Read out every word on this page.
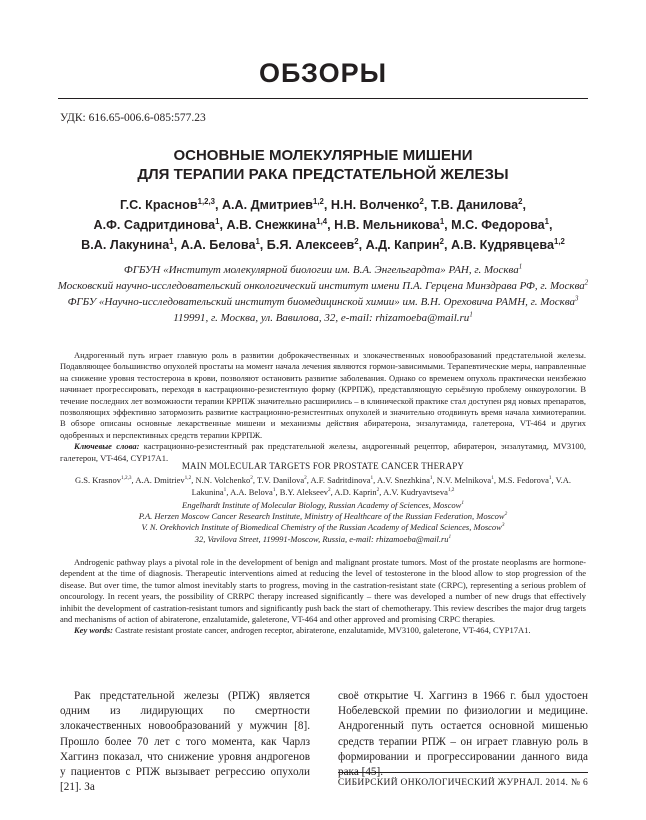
ОБЗОРЫ
УДК: 616.65-006.6-085:577.23
ОСНОВНЫЕ МОЛЕКУЛЯРНЫЕ МИШЕНИ
ДЛЯ ТЕРАПИИ РАКА ПРЕДСТАТЕЛЬНОЙ ЖЕЛЕЗЫ
Г.С. Краснов$^{1,2,3}$, А.А. Дмитриев$^{1,2}$, Н.Н. Волченко$^2$, Т.В. Данилова$^2$,
А.Ф. Садритдинова$^1$, А.В. Снежкина$^{1,4}$, Н.В. Мельникова$^1$, М.С. Федорова$^1$,
В.А. Лакунина$^1$, А.А. Белова$^1$, Б.Я. Алексеев$^2$, А.Д. Каприн$^2$, А.В. Кудрявцева$^{1,2}$
ФГБУН «Институт молекулярной биологии им. В.А. Энгельгардта» РАН, г. Москва$^1$
Московский научно-исследовательский онкологический институт имени П.А. Герцена Минздрава РФ, г. Москва$^2$
ФГБУ «Научно-исследовательский институт биомедицинской химии» им. В.Н. Ореховича РАМН, г. Москва$^3$
119991, г. Москва, ул. Вавилова, 32, e-mail: $rhizamoeba@mail.ru^1$

Андрогенный путь играет главную роль в развитии доброкачественных и злокачественных новообразований предстательной железы. Подавляющее большинство опухолей простаты на момент начала лечения являются гормон-зависимыми. Терапевтические меры, направленные на снижение уровня тестостерона в крови, позволяют остановить развитие заболевания. Однако со временем опухоль практически неизбежно начинает прогрессировать, переходя в кастрационно-резистентную форму (КРРПЖ), представляющую серьёзную проблему онкоурологии. В течение последних лет возможности терапии КРРПЖ значительно расширились – в клинической практике стал доступен ряд новых препаратов, позволяющих эффективно затормозить развитие кастрационно-резистентных опухолей и значительно отодвинуть время начала химиотерапии. В обзоре описаны основные лекарственные мишени и механизмы действия абиратерона, энзалутамида, галетерона, VT-464 и других одобренных и перспективных средств терапии КРРПЖ.

Ключевые слова: кастрационно-резистентный рак предстательной железы, андрогенный рецептор, абиратерон, энзалутамид, MV3100, галетерон, VT-464, CYP17A1.

MAIN MOLECULAR TARGETS FOR PROSTATE CANCER THERAPY
G.S. Krasnov$^{1,2,3}$, A.A. Dmitriev$^{1,2}$, N.N. Volchenko$^2$, T.V. Danilova$^2$, A.F. Sadritdinova$^1$, A.V. Snezhkina$^1$, N.V. Melnikova$^1$, M.S. Fedorova$^1$, V.A. Lakunina$^1$, A.A. Belova$^1$, B.Y. Alekseev$^2$, A.D. Kaprin$^2$, A.V. Kudryavtseva$^{1,2}$
Engelhardt Institute of Molecular Biology, Russian Academy of Sciences, Moscow$^1$
P.A. Herzen Moscow Cancer Research Institute, Ministry of Healthcare of the Russian Federation, Moscow$^2$
V. N. Orekhovich Institute of Biomedical Chemistry of the Russian Academy of Medical Sciences, Moscow$^3$
32, Vavilova Street, 119991-Moscow, Russia, e-mail: $rhizamoeba@mail.ru^1$

Androgenic pathway plays a pivotal role in the development of benign and malignant prostate tumors. Most of the prostate neoplasms are hormone-dependent at the time of diagnosis. Therapeutic interventions aimed at reducing the level of testosterone in the blood allow to stop progression of the disease. But over time, the tumor almost inevitably starts to progress, moving in the castration-resistant state (CRPC), representing a serious problem of oncourology. In recent years, the possibility of CRRPC therapy increased significantly – there was developed a number of new drugs that effectively inhibit the development of castration-resistant tumors and significantly push back the start of chemotherapy. This review describes the major drug targets and mechanisms of action of abiraterone, enzalutamide, galeterone, VT-464 and other approved and promising CRPC therapies.

Key words: Castrate resistant prostate cancer, androgen receptor, abiraterone, enzalutamide, MV3100, galeterone, VT-464, CYP17A1.

Рак предстательной железы (РПЖ) является одним из лидирующих по смертности злокачественных новообразований у мужчин [8]. Прошло более 70 лет с того момента, как Чарлз Хаггинз показал, что снижение уровня андрогенов у пациентов с РПЖ вызывает регрессию опухоли [21]. За

своё открытие Ч. Хаггинз в 1966 г. был удостоен Нобелевской премии по физиологии и медицине. Андрогенный путь остается основной мишенью средств терапии РПЖ – он играет главную роль в формировании и прогрессировании данного вида рака [45].

СИБИРСКИЙ ОНКОЛОГИЧЕСКИЙ ЖУРНАЛ. 2014. № 6
